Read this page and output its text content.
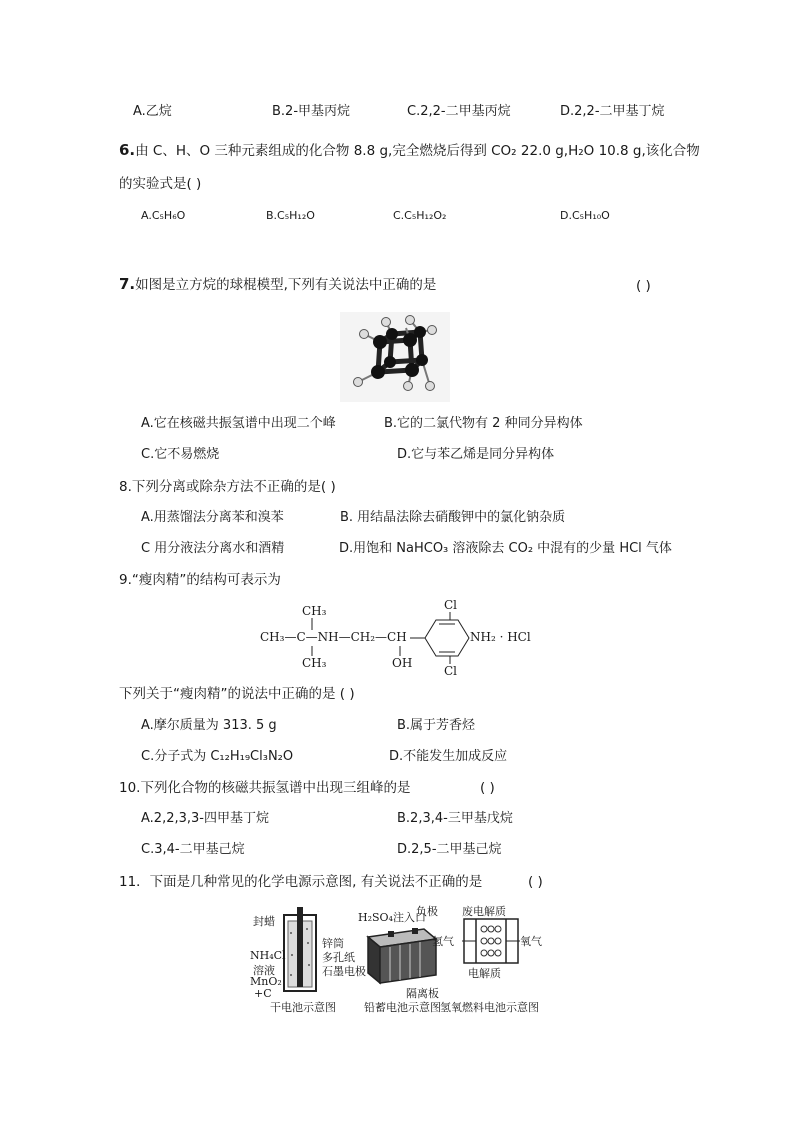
A.乙烷	B.2-甲基丙烷	C.2,2-二甲基丙烷	D.2,2-二甲基丁烷
6.由 C、H、O 三种元素组成的化合物 8.8 g,完全燃烧后得到 CO₂ 22.0 g,H₂O 10.8 g,该化合物
的实验式是( )
A.C₅H₆O	B.C₅H₁₂O	C.C₅H₁₂O₂	D.C₅H₁₀O
7.如图是立方烷的球棍模型,下列有关说法中正确的是	( )
A.它在核磁共振氢谱中出现二个峰	B.它的二氯代物有 2 种同分异构体
C.它不易燃烧	D.它与苯乙烯是同分异构体
8.下列分离或除杂方法不正确的是( )
A.用蒸馏法分离苯和溴苯	B. 用结晶法除去硝酸钾中的氯化钠杂质
C 用分液法分离水和酒精	D.用饱和 NaHCO₃ 溶液除去 CO₂ 中混有的少量 HCl 气体
9.“瘦肉精”的结构可表示为
CH₃
CH₃—C—NH—CH₂—CH
CH₃	OH
Cl
Cl
NH₂ · HCl
下列关于“瘦肉精”的说法中正确的是 ( )
A.摩尔质量为 313. 5 g	B.属于芳香烃
C.分子式为 C₁₂H₁₉Cl₃N₂O	D.不能发生加成反应
10.下列化合物的核磁共振氢谱中出现三组峰的是	( )
A.2,2,3,3-四甲基丁烷	B.2,3,4-三甲基戊烷
C.3,4-二甲基己烷	D.2,5-二甲基己烷
11．下面是几种常见的化学电源示意图, 有关说法不正确的是	( )
封蜡
NH₄Cl
溶液
MnO₂
+C
锌筒
多孔纸
石墨电极
干电池示意图
H₂SO₄注入口
负极
隔离板
铅蓄电池示意图
废电解质
氢气	氧气
电解质
氢氧燃料电池示意图
